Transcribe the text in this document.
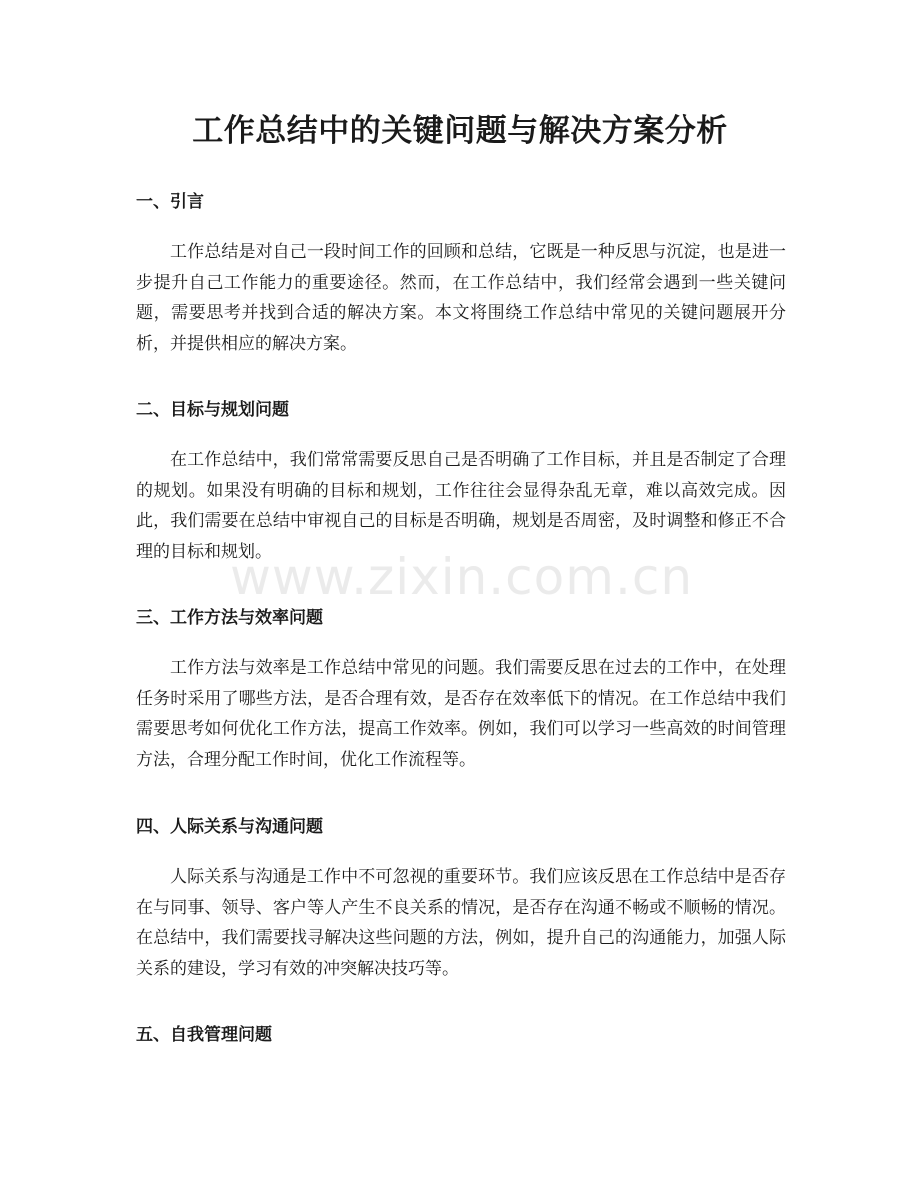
工作总结中的关键问题与解决方案分析
一、引言

工作总结是对自己一段时间工作的回顾和总结，它既是一种反思与沉淀，也是进一步提升自己工作能力的重要途径。然而，在工作总结中，我们经常会遇到一些关键问题，需要思考并找到合适的解决方案。本文将围绕工作总结中常见的关键问题展开分析，并提供相应的解决方案。

二、目标与规划问题

在工作总结中，我们常常需要反思自己是否明确了工作目标，并且是否制定了合理的规划。如果没有明确的目标和规划，工作往往会显得杂乱无章，难以高效完成。因此，我们需要在总结中审视自己的目标是否明确，规划是否周密，及时调整和修正不合理的目标和规划。

三、工作方法与效率问题

工作方法与效率是工作总结中常见的问题。我们需要反思在过去的工作中，在处理任务时采用了哪些方法，是否合理有效，是否存在效率低下的情况。在工作总结中我们需要思考如何优化工作方法，提高工作效率。例如，我们可以学习一些高效的时间管理方法，合理分配工作时间，优化工作流程等。

四、人际关系与沟通问题

人际关系与沟通是工作中不可忽视的重要环节。我们应该反思在工作总结中是否存在与同事、领导、客户等人产生不良关系的情况，是否存在沟通不畅或不顺畅的情况。在总结中，我们需要找寻解决这些问题的方法，例如，提升自己的沟通能力，加强人际关系的建设，学习有效的冲突解决技巧等。

五、自我管理问题
www.zixin.com.cn
